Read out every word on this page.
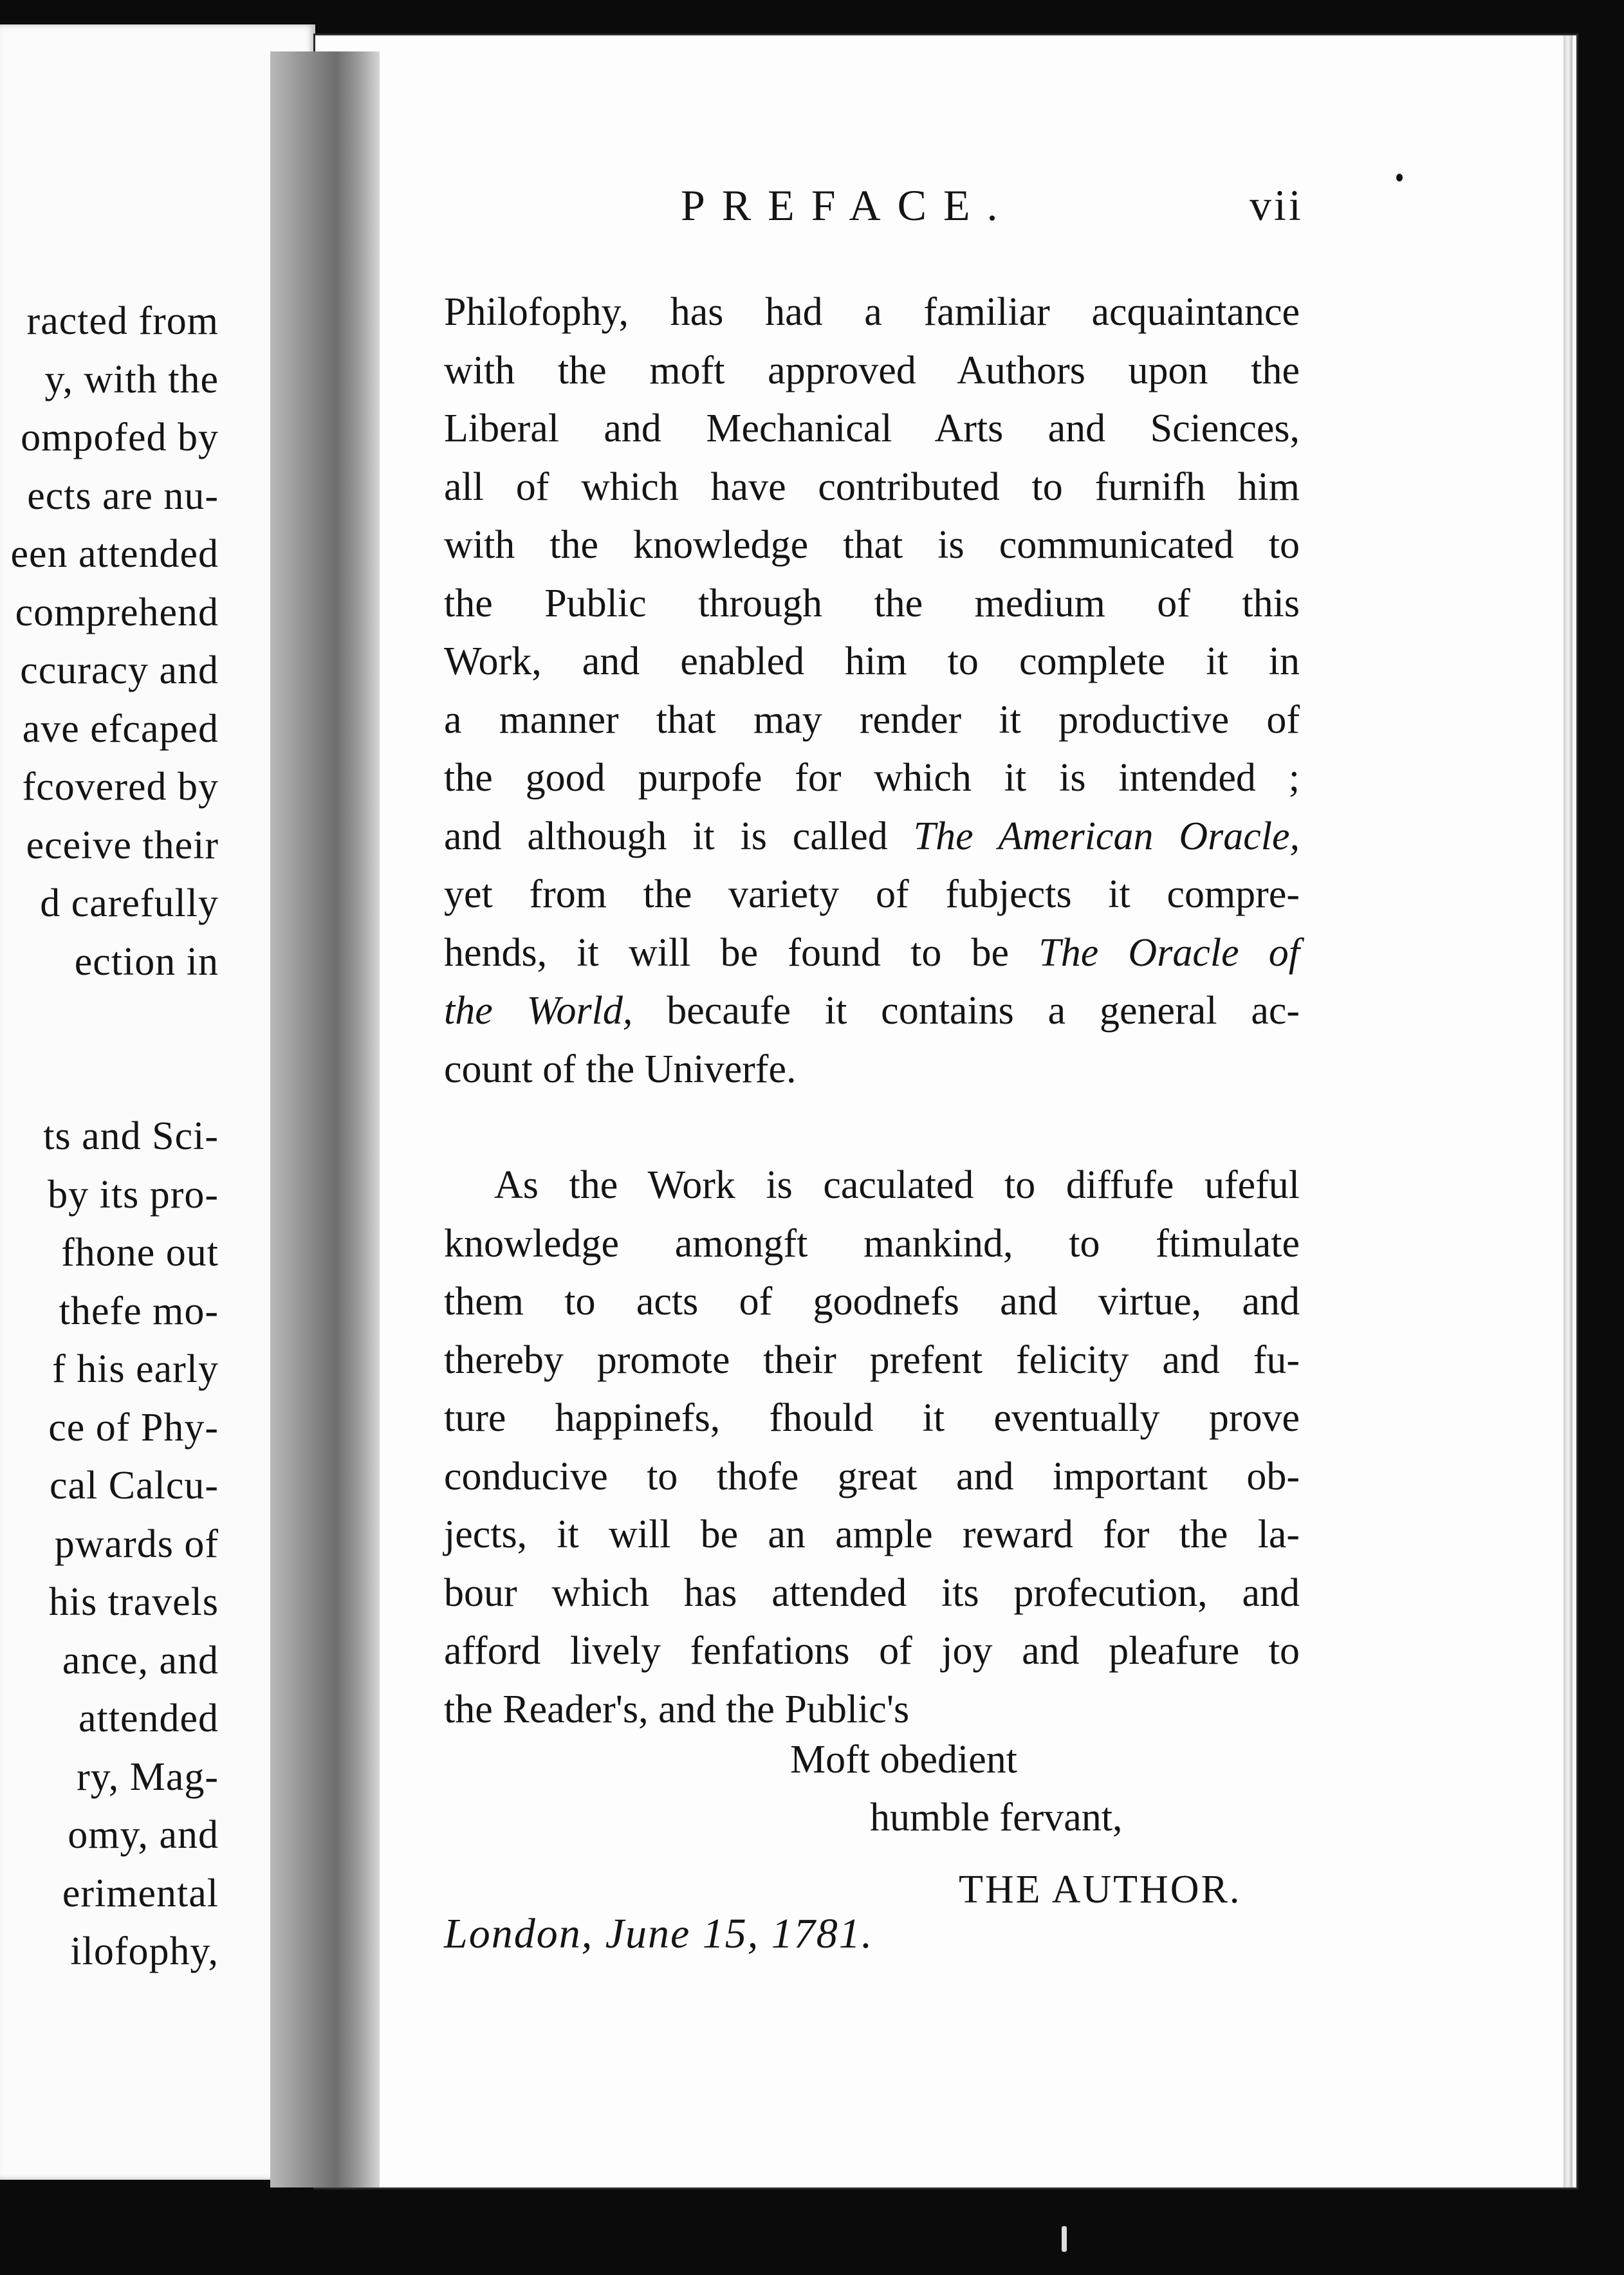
racted from
y, with the
ompofed by
ects are nu-
een attended
comprehend
ccuracy and
ave efcaped
fcovered by
eceive their
d carefully
ection in
ts and Sci-
by its pro-
fhone out
thefe mo-
f his early
ce of Phy-
cal Calcu-
pwards of
his travels
ance, and
attended
ry, Mag-
omy, and
erimental
ilofophy,
PREFACE.	vii
Philofophy, has had a familiar acquaintance
with the moft approved Authors upon the
Liberal and Mechanical Arts and Sciences,
all of which have contributed to furnifh him
with the knowledge that is communicated to
the Public through the medium of this
Work, and enabled him to complete it in
a manner that may render it productive of
the good purpofe for which it is intended ;
and although it is called The American Oracle,
yet from the variety of fubjects it compre-
hends, it will be found to be The Oracle of
the World, becaufe it contains a general ac-
count of the Univerfe.
As the Work is caculated to diffufe ufeful
knowledge amongft mankind, to ftimulate
them to acts of goodnefs and virtue, and
thereby promote their prefent felicity and fu-
ture happinefs, fhould it eventually prove
conducive to thofe great and important ob-
jects, it will be an ample reward for the la-
bour which has attended its profecution, and
afford lively fenfations of joy and pleafure to
the Reader's, and the Public's
Moft obedient
humble fervant,
THE AUTHOR.
London, June 15, 1781.
